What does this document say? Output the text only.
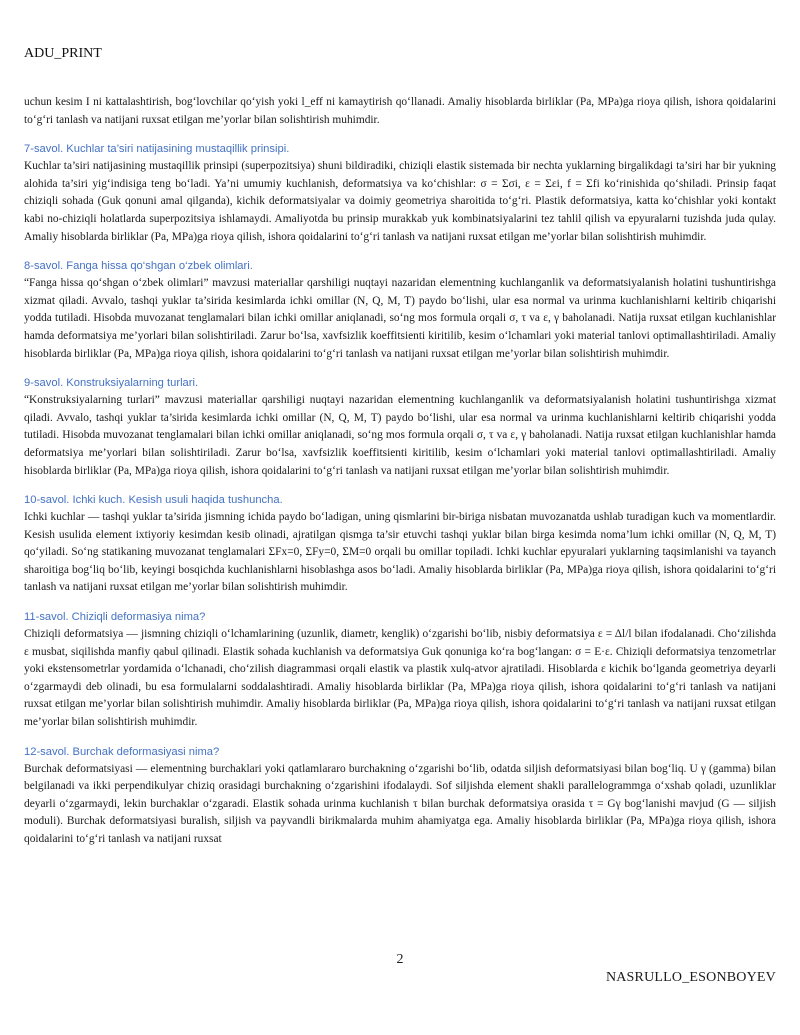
ADU_PRINT

uchun kesim I ni kattalashtirish, bog‘lovchilar qo‘yish yoki l_eff ni kamaytirish qo‘llanadi. Amaliy hisoblarda birliklar (Pa, MPa)ga rioya qilish, ishora qoidalarini to‘g‘ri tanlash va natijani ruxsat etilgan me’yorlar bilan solishtirish muhimdir.

7-savol. Kuchlar ta’siri natijasining mustaqillik prinsipi.

Kuchlar ta’siri natijasining mustaqillik prinsipi (superpozitsiya) shuni bildiradiki, chiziqli elastik sistemada bir nechta yuklarning birgalikdagi ta’siri har bir yukning alohida ta’siri yig‘indisiga teng bo‘ladi. Ya’ni umumiy kuchlanish, deformatsiya va ko‘chishlar: σ = Σσi, ε = Σεi, f = Σfi ko‘rinishida qo‘shiladi. Prinsip faqat chiziqli sohada (Guk qonuni amal qilganda), kichik deformatsiyalar va doimiy geometriya sharoitida to‘g‘ri. Plastik deformatsiya, katta ko‘chishlar yoki kontakt kabi no-chiziqli holatlarda superpozitsiya ishlamaydi. Amaliyotda bu prinsip murakkab yuk kombinatsiyalarini tez tahlil qilish va epyuralarni tuzishda juda qulay. Amaliy hisoblarda birliklar (Pa, MPa)ga rioya qilish, ishora qoidalarini to‘g‘ri tanlash va natijani ruxsat etilgan me’yorlar bilan solishtirish muhimdir.

8-savol. Fanga hissa qo‘shgan o‘zbek olimlari.

“Fanga hissa qo‘shgan o‘zbek olimlari” mavzusi materiallar qarshiligi nuqtayi nazaridan elementning kuchlanganlik va deformatsiyalanish holatini tushuntirishga xizmat qiladi. Avvalo, tashqi yuklar ta’sirida kesimlarda ichki omillar (N, Q, M, T) paydo bo‘lishi, ular esa normal va urinma kuchlanishlarni keltirib chiqarishi yodda tutiladi. Hisobda muvozanat tenglamalari bilan ichki omillar aniqlanadi, so‘ng mos formula orqali σ, τ va ε, γ baholanadi. Natija ruxsat etilgan kuchlanishlar hamda deformatsiya me’yorlari bilan solishtiriladi. Zarur bo‘lsa, xavfsizlik koeffitsienti kiritilib, kesim o‘lchamlari yoki material tanlovi optimallashtiriladi. Amaliy hisoblarda birliklar (Pa, MPa)ga rioya qilish, ishora qoidalarini to‘g‘ri tanlash va natijani ruxsat etilgan me’yorlar bilan solishtirish muhimdir.

9-savol. Konstruksiyalarning turlari.

“Konstruksiyalarning turlari” mavzusi materiallar qarshiligi nuqtayi nazaridan elementning kuchlanganlik va deformatsiyalanish holatini tushuntirishga xizmat qiladi. Avvalo, tashqi yuklar ta’sirida kesimlarda ichki omillar (N, Q, M, T) paydo bo‘lishi, ular esa normal va urinma kuchlanishlarni keltirib chiqarishi yodda tutiladi. Hisobda muvozanat tenglamalari bilan ichki omillar aniqlanadi, so‘ng mos formula orqali σ, τ va ε, γ baholanadi. Natija ruxsat etilgan kuchlanishlar hamda deformatsiya me’yorlari bilan solishtiriladi. Zarur bo‘lsa, xavfsizlik koeffitsienti kiritilib, kesim o‘lchamlari yoki material tanlovi optimallashtiriladi. Amaliy hisoblarda birliklar (Pa, MPa)ga rioya qilish, ishora qoidalarini to‘g‘ri tanlash va natijani ruxsat etilgan me’yorlar bilan solishtirish muhimdir.

10-savol. Ichki kuch. Kesish usuli haqida tushuncha.

Ichki kuchlar — tashqi yuklar ta’sirida jismning ichida paydo bo‘ladigan, uning qismlarini bir-biriga nisbatan muvozanatda ushlab turadigan kuch va momentlardir. Kesish usulida element ixtiyoriy kesimdan kesib olinadi, ajratilgan qismga ta’sir etuvchi tashqi yuklar bilan birga kesimda noma’lum ichki omillar (N, Q, M, T) qo‘yiladi. So‘ng statikaning muvozanat tenglamalari ΣFx=0, ΣFy=0, ΣM=0 orqali bu omillar topiladi. Ichki kuchlar epyuralari yuklarning taqsimlanishi va tayanch sharoitiga bog‘liq bo‘lib, keyingi bosqichda kuchlanishlarni hisoblashga asos bo‘ladi. Amaliy hisoblarda birliklar (Pa, MPa)ga rioya qilish, ishora qoidalarini to‘g‘ri tanlash va natijani ruxsat etilgan me’yorlar bilan solishtirish muhimdir.

11-savol. Chiziqli deformasiya nima?

Chiziqli deformatsiya — jismning chiziqli o‘lchamlarining (uzunlik, diametr, kenglik) o‘zgarishi bo‘lib, nisbiy deformatsiya ε = Δl/l bilan ifodalanadi. Cho‘zilishda ε musbat, siqilishda manfiy qabul qilinadi. Elastik sohada kuchlanish va deformatsiya Guk qonuniga ko‘ra bog‘langan: σ = E·ε. Chiziqli deformatsiya tenzometrlar yoki ekstensometrlar yordamida o‘lchanadi, cho‘zilish diagrammasi orqali elastik va plastik xulq-atvor ajratiladi. Hisoblarda ε kichik bo‘lganda geometriya deyarli o‘zgarmaydi deb olinadi, bu esa formulalarni soddalashtiradi. Amaliy hisoblarda birliklar (Pa, MPa)ga rioya qilish, ishora qoidalarini to‘g‘ri tanlash va natijani ruxsat etilgan me’yorlar bilan solishtirish muhimdir. Amaliy hisoblarda birliklar (Pa, MPa)ga rioya qilish, ishora qoidalarini to‘g‘ri tanlash va natijani ruxsat etilgan me’yorlar bilan solishtirish muhimdir.

12-savol. Burchak deformasiyasi nima?

Burchak deformatsiyasi — elementning burchaklari yoki qatlamlararo burchakning o‘zgarishi bo‘lib, odatda siljish deformatsiyasi bilan bog‘liq. U γ (gamma) bilan belgilanadi va ikki perpendikulyar chiziq orasidagi burchakning o‘zgarishini ifodalaydi. Sof siljishda element shakli parallelogrammga o‘xshab qoladi, uzunliklar deyarli o‘zgarmaydi, lekin burchaklar o‘zgaradi. Elastik sohada urinma kuchlanish τ bilan burchak deformatsiya orasida τ = Gγ bog‘lanishi mavjud (G — siljish moduli). Burchak deformatsiyasi buralish, siljish va payvandli birikmalarda muhim ahamiyatga ega. Amaliy hisoblarda birliklar (Pa, MPa)ga rioya qilish, ishora qoidalarini to‘g‘ri tanlash va natijani ruxsat

2
NASRULLO_ESONBOYEV
